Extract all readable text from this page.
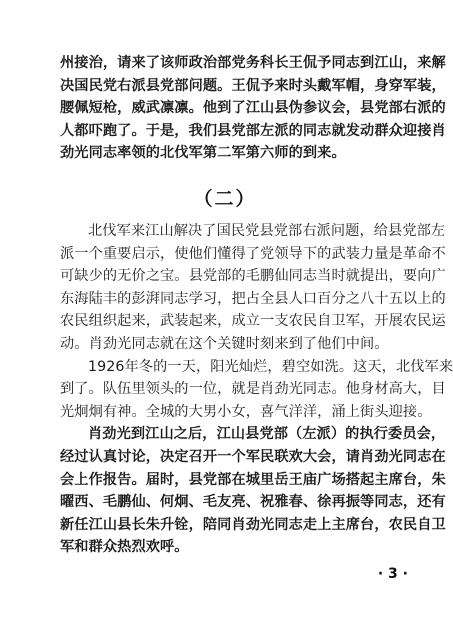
州接治，请来了该师政治部党务科长王侃予同志到江山，来解
决国民党右派县党部问题。王侃予来时头戴军帽，身穿军装，
腰佩短枪，威武凛凛。他到了江山县伪参议会，县党部右派的
人都吓跑了。于是，我们县党部左派的同志就发动群众迎接肖
劲光同志率领的北伐军第二军第六师的到来。
（二）
北伐军来江山解决了国民党县党部右派问题，给县党部左
派一个重要启示，使他们懂得了党领导下的武装力量是革命不
可缺少的无价之宝。县党部的毛鹏仙同志当时就提出，要向广
东海陆丰的彭湃同志学习，把占全县人口百分之八十五以上的
农民组织起来，武装起来，成立一支农民自卫军，开展农民运
动。肖劲光同志就在这个关键时刻来到了他们中间。
1926年冬的一天，阳光灿烂，碧空如洗。这天，北伐军来
到了。队伍里领头的一位，就是肖劲光同志。他身材高大，目
光炯炯有神。全城的大男小女，喜气洋洋，涌上街头迎接。
肖劲光到江山之后，江山县党部（左派）的执行委员会，
经过认真讨论，决定召开一个军民联欢大会，请肖劲光同志在
会上作报告。届时，县党部在城里岳王庙广场搭起主席台，朱
曜西、毛鹏仙、何炯、毛友亮、祝雅春、徐再振等同志，还有
新任江山县长朱升铨，陪同肖劲光同志走上主席台，农民自卫
军和群众热烈欢呼。
· 3 ·
